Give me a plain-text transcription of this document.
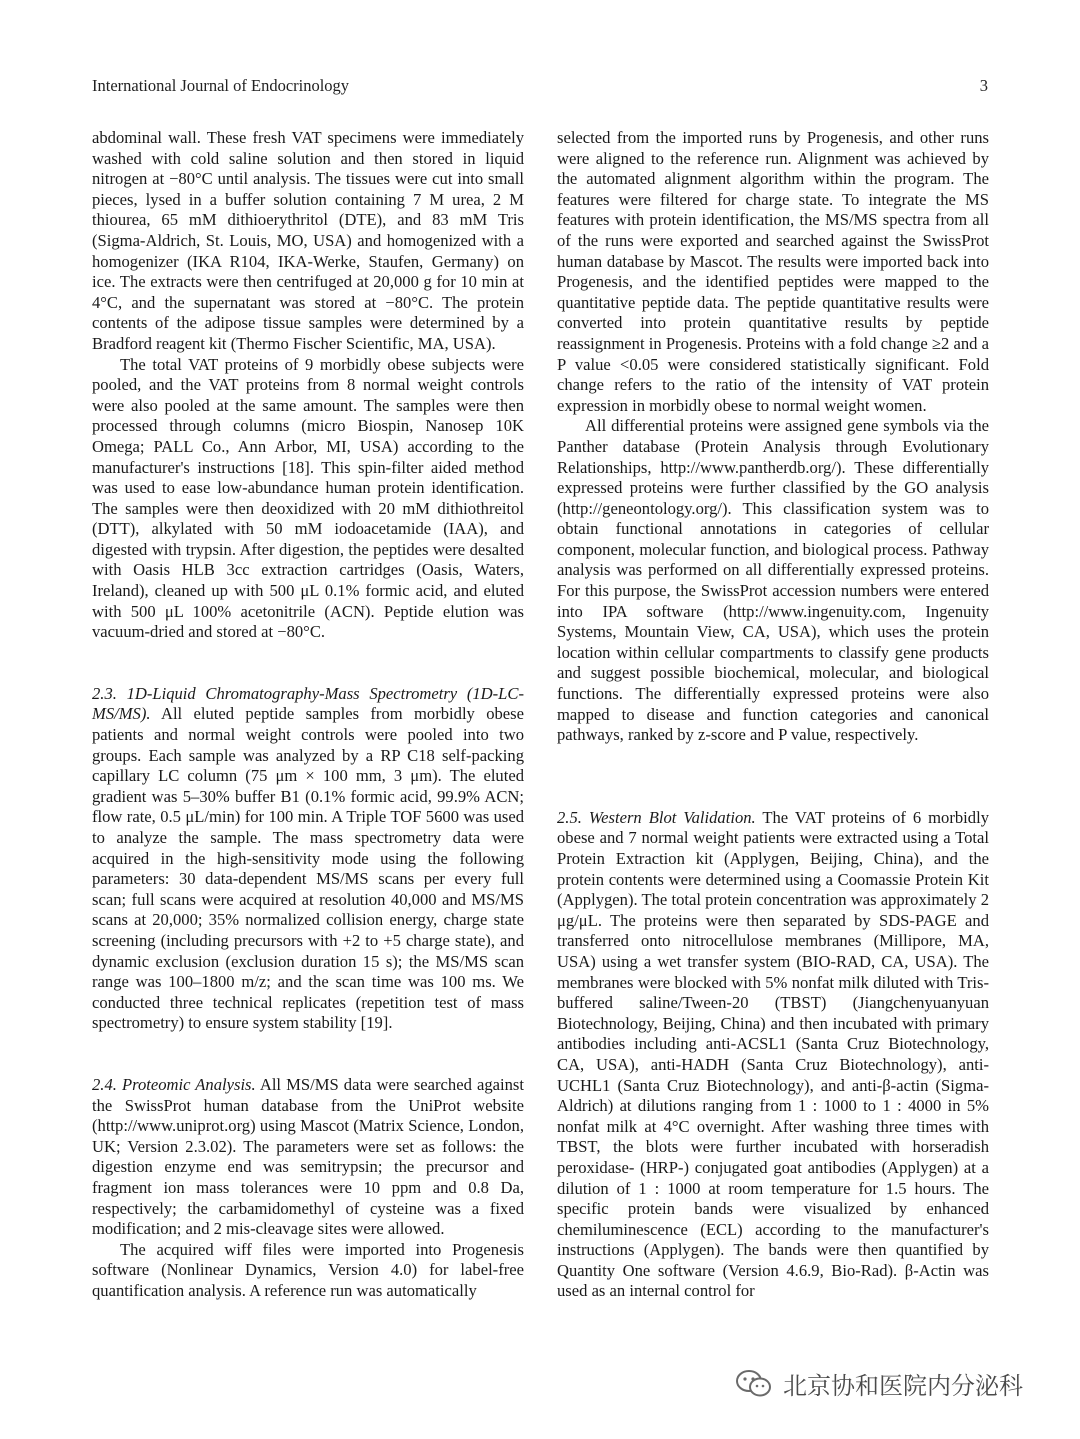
International Journal of Endocrinology	3

abdominal wall. These fresh VAT specimens were immediately washed with cold saline solution and then stored in liquid nitrogen at −80°C until analysis. The tissues were cut into small pieces, lysed in a buffer solution containing 7 M urea, 2 M thiourea, 65 mM dithioerythritol (DTE), and 83 mM Tris (Sigma-Aldrich, St. Louis, MO, USA) and homogenized with a homogenizer (IKA R104, IKA-Werke, Staufen, Germany) on ice. The extracts were then centrifuged at 20,000 g for 10 min at 4°C, and the supernatant was stored at −80°C. The protein contents of the adipose tissue samples were determined by a Bradford reagent kit (Thermo Fischer Scientific, MA, USA).

The total VAT proteins of 9 morbidly obese subjects were pooled, and the VAT proteins from 8 normal weight controls were also pooled at the same amount. The samples were then processed through columns (micro Biospin, Nanosep 10K Omega; PALL Co., Ann Arbor, MI, USA) according to the manufacturer's instructions [18]. This spin-filter aided method was used to ease low-abundance human protein identification. The samples were then deoxidized with 20 mM dithiothreitol (DTT), alkylated with 50 mM iodoacetamide (IAA), and digested with trypsin. After digestion, the peptides were desalted with Oasis HLB 3cc extraction cartridges (Oasis, Waters, Ireland), cleaned up with 500 μL 0.1% formic acid, and eluted with 500 μL 100% acetonitrile (ACN). Peptide elution was vacuum-dried and stored at −80°C.

2.3. 1D-Liquid Chromatography-Mass Spectrometry (1D-LC-MS/MS). All eluted peptide samples from morbidly obese patients and normal weight controls were pooled into two groups. Each sample was analyzed by a RP C18 self-packing capillary LC column (75 μm × 100 mm, 3 μm). The eluted gradient was 5–30% buffer B1 (0.1% formic acid, 99.9% ACN; flow rate, 0.5 μL/min) for 100 min. A Triple TOF 5600 was used to analyze the sample. The mass spectrometry data were acquired in the high-sensitivity mode using the following parameters: 30 data-dependent MS/MS scans per every full scan; full scans were acquired at resolution 40,000 and MS/MS scans at 20,000; 35% normalized collision energy, charge state screening (including precursors with +2 to +5 charge state), and dynamic exclusion (exclusion duration 15 s); the MS/MS scan range was 100–1800 m/z; and the scan time was 100 ms. We conducted three technical replicates (repetition test of mass spectrometry) to ensure system stability [19].

2.4. Proteomic Analysis. All MS/MS data were searched against the SwissProt human database from the UniProt website (http://www.uniprot.org) using Mascot (Matrix Science, London, UK; Version 2.3.02). The parameters were set as follows: the digestion enzyme end was semitrypsin; the precursor and fragment ion mass tolerances were 10 ppm and 0.8 Da, respectively; the carbamidomethyl of cysteine was a fixed modification; and 2 mis-cleavage sites were allowed.

The acquired wiff files were imported into Progenesis software (Nonlinear Dynamics, Version 4.0) for label-free quantification analysis. A reference run was automatically

selected from the imported runs by Progenesis, and other runs were aligned to the reference run. Alignment was achieved by the automated alignment algorithm within the program. The features were filtered for charge state. To integrate the MS features with protein identification, the MS/MS spectra from all of the runs were exported and searched against the SwissProt human database by Mascot. The results were imported back into Progenesis, and the identified peptides were mapped to the quantitative peptide data. The peptide quantitative results were converted into protein quantitative results by peptide reassignment in Progenesis. Proteins with a fold change ≥2 and a P value <0.05 were considered statistically significant. Fold change refers to the ratio of the intensity of VAT protein expression in morbidly obese to normal weight women.

All differential proteins were assigned gene symbols via the Panther database (Protein Analysis through Evolutionary Relationships, http://www.pantherdb.org/). These differentially expressed proteins were further classified by the GO analysis (http://geneontology.org/). This classification system was to obtain functional annotations in categories of cellular component, molecular function, and biological process. Pathway analysis was performed on all differentially expressed proteins. For this purpose, the SwissProt accession numbers were entered into IPA software (http://www.ingenuity.com, Ingenuity Systems, Mountain View, CA, USA), which uses the protein location within cellular compartments to classify gene products and suggest possible biochemical, molecular, and biological functions. The differentially expressed proteins were also mapped to disease and function categories and canonical pathways, ranked by z-score and P value, respectively.

2.5. Western Blot Validation. The VAT proteins of 6 morbidly obese and 7 normal weight patients were extracted using a Total Protein Extraction kit (Applygen, Beijing, China), and the protein contents were determined using a Coomassie Protein Kit (Applygen). The total protein concentration was approximately 2 μg/μL. The proteins were then separated by SDS-PAGE and transferred onto nitrocellulose membranes (Millipore, MA, USA) using a wet transfer system (BIO-RAD, CA, USA). The membranes were blocked with 5% nonfat milk diluted with Tris-buffered saline/Tween-20 (TBST) (Jiangchenyuanyuan Biotechnology, Beijing, China) and then incubated with primary antibodies including anti-ACSL1 (Santa Cruz Biotechnology, CA, USA), anti-HADH (Santa Cruz Biotechnology), anti-UCHL1 (Santa Cruz Biotechnology), and anti-β-actin (Sigma-Aldrich) at dilutions ranging from 1 : 1000 to 1 : 4000 in 5% nonfat milk at 4°C overnight. After washing three times with TBST, the blots were further incubated with horseradish peroxidase- (HRP-) conjugated goat antibodies (Applygen) at a dilution of 1 : 1000 at room temperature for 1.5 hours. The specific protein bands were visualized by enhanced chemiluminescence (ECL) according to the manufacturer's instructions (Applygen). The bands were then quantified by Quantity One software (Version 4.6.9, Bio-Rad). β-Actin was used as an internal control for

北京协和医院内分泌科
